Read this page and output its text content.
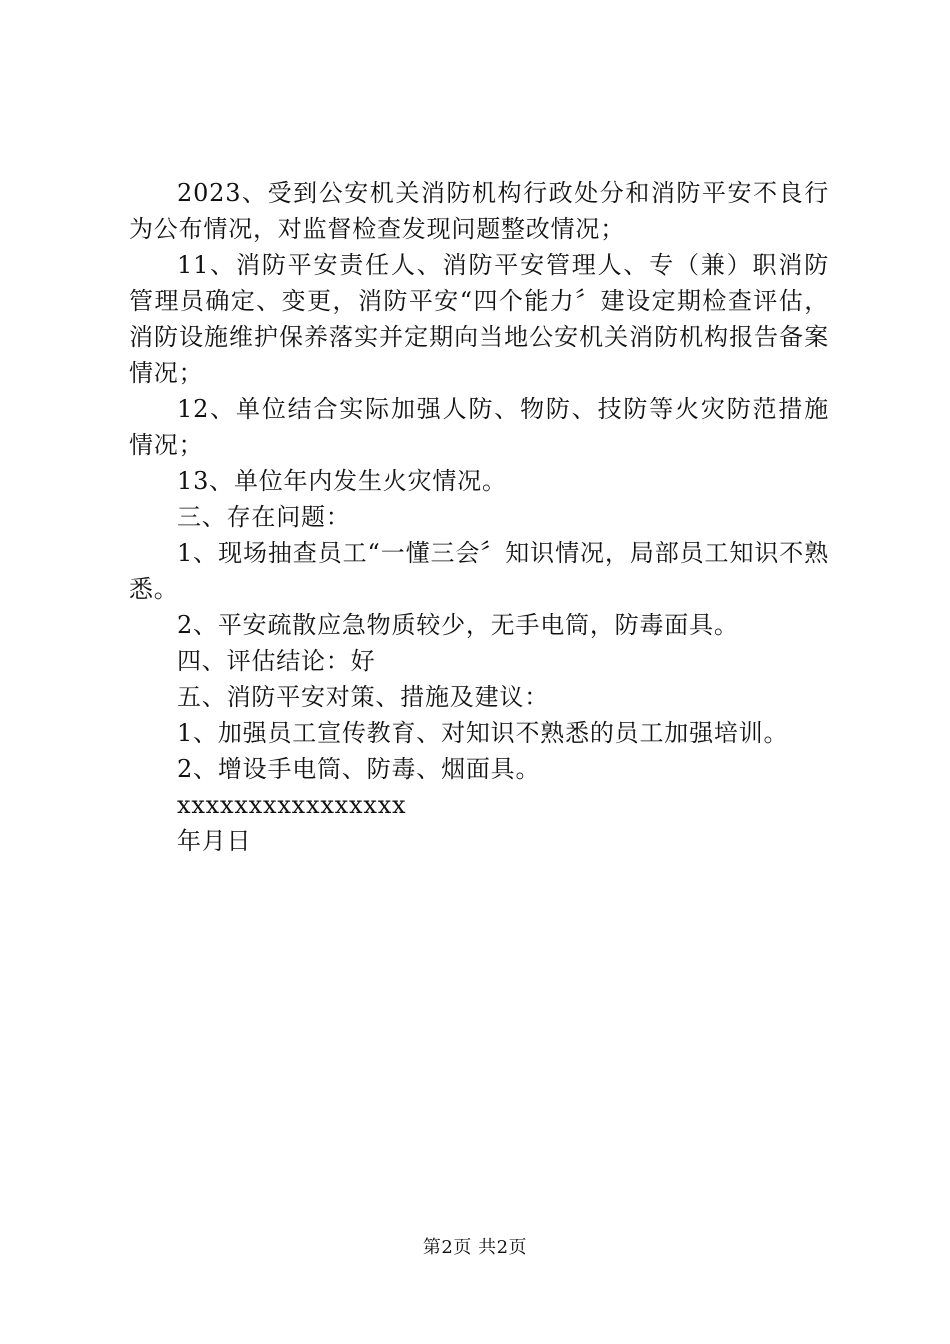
2023、受到公安机关消防机构行政处分和消防平安不良行为公布情况，对监督检查发现问题整改情况；

11、消防平安责任人、消防平安管理人、专（兼）职消防管理员确定、变更，消防平安“四个能力〞建设定期检查评估，消防设施维护保养落实并定期向当地公安机关消防机构报告备案情况；

12、单位结合实际加强人防、物防、技防等火灾防范措施情况；

13、单位年内发生火灾情况。

三、存在问题：

1、现场抽查员工“一懂三会〞知识情况，局部员工知识不熟悉。

2、平安疏散应急物质较少，无手电筒，防毒面具。

四、评估结论：好

五、消防平安对策、措施及建议：

1、加强员工宣传教育、对知识不熟悉的员工加强培训。

2、增设手电筒、防毒、烟面具。

xxxxxxxxxxxxxxxx

年月日

第2页 共2页
